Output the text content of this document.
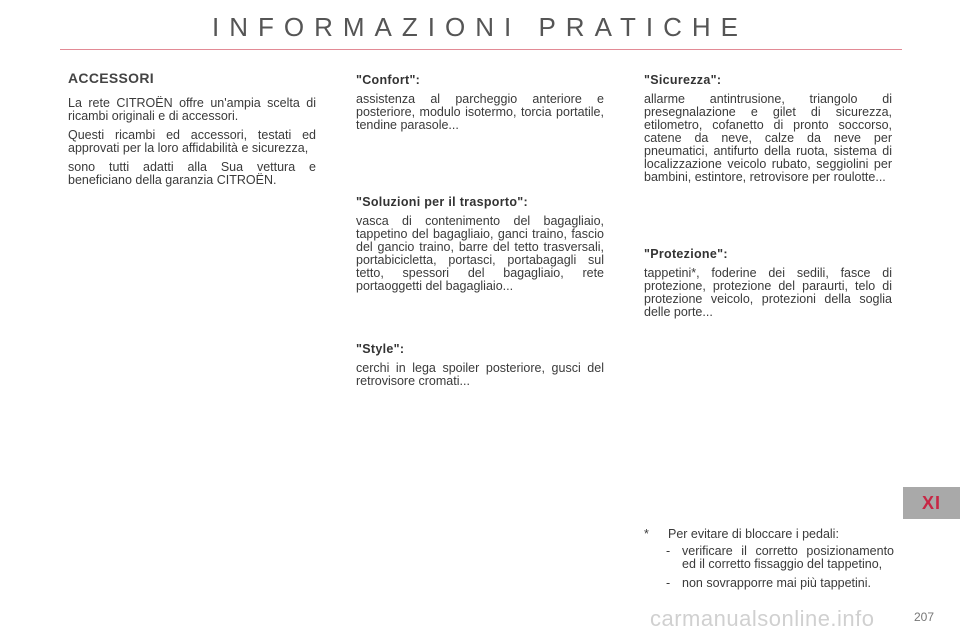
INFORMAZIONI PRATICHE
ACCESSORI

La rete CITROËN offre un'ampia scelta di ricambi originali e di accessori.

Questi ricambi ed accessori, testati ed approvati per la loro affidabilità e sicurezza,

sono tutti adatti alla Sua vettura e beneficiano della garanzia CITROËN.

"Confort":

assistenza al parcheggio anteriore e posteriore, modulo isotermo, torcia portatile, tendine parasole...

"Soluzioni per il trasporto":

vasca di contenimento del bagagliaio, tappetino del bagagliaio, ganci traino, fascio del gancio traino, barre del tetto trasversali, portabicicletta, portasci, portabagagli sul tetto, spessori del bagagliaio, rete portaoggetti del bagagliaio...

"Style":

cerchi in lega spoiler posteriore, gusci del retrovisore cromati...

"Sicurezza":

allarme antintrusione, triangolo di presegnalazione e gilet di sicurezza, etilometro, cofanetto di pronto soccorso, catene da neve, calze da neve per pneumatici, antifurto della ruota, sistema di localizzazione veicolo rubato, seggiolini per bambini, estintore, retrovisore per roulotte...

"Protezione":

tappetini*, foderine dei sedili, fasce di protezione, protezione del paraurti, telo di protezione veicolo, protezioni della soglia delle porte...

*	Per evitare di bloccare i pedali:
- verificare il corretto posizionamento ed il corretto fissaggio del tappetino,
- non sovrapporre mai più tappetini.
XI
carmanualsonline.info	207
